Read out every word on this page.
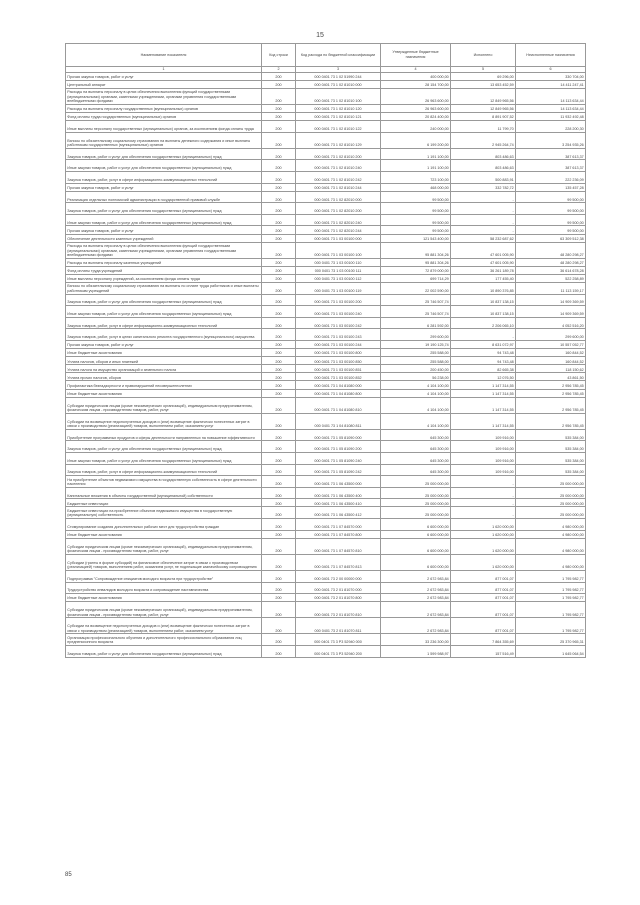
15
Наименование показателя	Код строки	Код расхода по бюджетной классификации	Утвержденные бюджетные назначения	Исполнено	Неисполненные назначения
1	2	3	4	5	6
Прочая закупка товаров, работ и услуг	200	000 0401 73 1 02 51990 244	400 000,00	69 296,00	330 704,00
Центральный аппарат	200	000 0401 73 1 02 81010 000	28 154 700,00	13 653 452,59	14 411 247,41
Расходы на выплаты персоналу в целях обеспечения выполнения функций государственными (муниципальными) органами, казенными учреждениями, органами управления государственными внебюджетными фондами	200	000 0401 73 1 02 81010 100	26 963 600,00	12 849 965,56	14 113 634,44
Расходы на выплаты персоналу государственных (муниципальных) органов	200	000 0401 73 1 02 81010 120	26 963 600,00	12 849 965,56	14 113 634,44
Фонд оплаты труда государственных (муниципальных) органов	200	000 0401 73 1 02 81010 121	20 824 400,00	8 891 907,52	11 932 492,48
Иные выплаты персоналу государственных (муниципальных) органов, за исключением фонда оплаты труда	200	000 0401 73 1 02 81010 122	240 000,00	11 799,70	228 200,30
Взносы по обязательному социальному страхованию на выплаты денежного содержания и иные выплаты работникам государственных (муниципальных) органов	200	000 0401 73 1 02 81010 129	6 199 200,00	2 945 264,74	3 254 935,26
Закупка товаров, работ и услуг для обеспечения государственных (муниципальных) нужд	200	000 0401 73 1 02 81010 200	1 191 100,00	803 486,63	387 613,37
Иные закупки товаров, работ и услуг для обеспечения государственных (муниципальных) нужд	200	000 0401 73 1 02 81010 240	1 191 100,00	803 486,63	387 613,37
Закупка товаров, работ, услуг в сфере информационно-коммуникационных технологий	200	000 0401 73 1 02 81010 242	723 100,00	500 883,91	222 236,09
Прочая закупка товаров, работ и услуг	200	000 0401 73 1 02 81010 244	468 000,00	332 782,72	135 457,28
Реализация отдельных полномочий администрации в государственной правовой службе	200	000 0401 73 1 02 82010 000	99 500,00	-	99 500,00
Закупка товаров, работ и услуг для обеспечения государственных (муниципальных) нужд	200	000 0401 73 1 02 82010 200	99 500,00	-	99 500,00
Иные закупки товаров, работ и услуг для обеспечения государственных (муниципальных) нужд	200	000 0401 73 1 02 82010 240	99 500,00	-	99 500,00
Прочая закупка товаров, работ и услуг	200	000 0401 73 1 02 82010 244	99 500,00	-	99 500,00
Обеспечение деятельности казенных учреждений	200	000 0401 73 1 03 00100 000	121 543 400,00	58 232 687,62	63 309 512,38
Расходы на выплаты персоналу в целях обеспечения выполнения функций государственными (муниципальными) органами, казенными учреждениями, органами управления государственными внебюджетными фондами	200	000 0401 73 1 03 00100 100	95 881 304,26	47 601 005,90	48 280 298,27
Расходы на выплаты персоналу казенных учреждений	200	000 0401 73 1 03 00100 110	95 881 304,26	47 601 005,90	48 280 298,27
Фонд оплаты труда учреждений	200	000 0401 73 1 03 00100 111	72 879 000,00	36 261 189,78	36 614 678,28
Иные выплаты персоналу учреждений, за исключением фонда оплаты труда	200	000 0401 73 1 03 00100 112	699 714,29	177 455,40	522 258,89
Взносы по обязательному социальному страхованию на выплаты по оплате труда работников и иные выплаты работникам учреждений	200	000 0401 73 1 03 00100 119	22 002 590,00	10 890 376,85	11 113 159,17
Закупка товаров, работ и услуг для обеспечения государственных (муниципальных) нужд	200	000 0401 73 1 03 00100 200	25 746 507,74	10 837 138,15	14 909 369,59
Иные закупки товаров, работ и услуг для обеспечения государственных (муниципальных) нужд	200	000 0401 73 1 03 00100 240	25 746 507,74	10 837 138,15	14 909 369,59
Закупка товаров, работ, услуг в сфере информационно-коммуникационных технологий	200	000 0401 73 1 03 00100 242	6 281 592,00	2 206 065,10	4 052 516,20
Закупка товаров, работ, услуг в целях капитального ремонта государственного (муниципального) имущества	200	000 0401 73 1 03 00100 243	299 600,00	-	299 600,00
Прочая закупка товаров, работ и услуг	200	000 0401 73 1 03 00100 244	19 190 125,74	8 631 072,97	10 557 052,77
Иные бюджетные ассигнования	200	000 0401 73 1 03 00100 800	255 588,00	94 743,48	160 844,52
Уплата налогов, сборов и иных платежей	200	000 0401 73 1 03 00100 850	255 588,00	94 743,48	160 844,52
Уплата налога на имущество организаций и земельного налога	200	000 0401 73 1 03 00100 851	200 450,00	82 665,38	118 150,62
Уплата прочих налогов, сборов	200	000 0401 73 1 03 00100 852	56 238,00	12 076,50	43 861,50
Профилактика безнадзорности и правонарушений несовершеннолетних	200	000 0401 73 1 04 81080 000	4 104 100,00	1 147 314,55	2 956 785,45
Иные бюджетные ассигнования	200	000 0401 73 1 04 81080 800	4 104 100,00	1 147 314,55	2 956 785,45
Субсидии юридическим лицам (кроме некоммерческих организаций), индивидуальным предпринимателям, физическим лицам - производителям товаров, работ, услуг	200	000 0401 73 1 04 81080 810	4 104 100,00	1 147 314,55	2 956 785,45
Субсидии на возмещение недополученных доходов и (или) возмещение фактически понесенных затрат в связи с производством (реализацией) товаров, выполнением работ, оказанием услуг	200	000 0401 73 1 04 81080 811	4 104 100,00	1 147 314,55	2 956 785,45
Приобретение программных продуктов и сферы деятельности направленных на повышение эффективности	200	000 0401 73 1 05 81090 000	645 300,00	109 916,00	535 384,00
Закупка товаров, работ и услуг для обеспечения государственных (муниципальных) нужд	200	000 0401 73 1 05 81090 200	645 300,00	109 916,00	535 384,00
Иные закупки товаров, работ и услуг для обеспечения государственных (муниципальных) нужд	200	000 0401 73 1 05 81090 240	645 300,00	109 916,00	535 384,00
Закупка товаров, работ, услуг в сфере информационно-коммуникационных технологий	200	000 0401 73 1 05 81090 242	645 300,00	109 916,00	535 384,00
На приобретение объектов недвижимого имущества в государственную собственность в сфере деятельности населения	200	000 0401 73 1 06 43500 000	25 000 000,00	-	25 000 000,00
Капитальные вложения в объекты государственной (муниципальной) собственности	200	000 0401 73 1 06 43500 400	25 000 000,00	-	25 000 000,00
Бюджетные инвестиции	200	000 0401 73 1 06 43500 410	25 000 000,00	-	25 000 000,00
Бюджетные инвестиции на приобретение объектов недвижимого имущества в государственную (муниципальную) собственность	200	000 0401 73 1 06 43500 412	25 000 000,00	-	25 000 000,00
Стимулирование создания дополнительных рабочих мест для трудоустройства граждан	200	000 0401 73 1 07 84570 000	6 600 000,00	1 620 000,00	4 980 000,00
Иные бюджетные ассигнования	200	000 0401 73 1 07 84570 800	6 600 000,00	1 620 000,00	4 980 000,00
Субсидии юридическим лицам (кроме некоммерческих организаций), индивидуальным предпринимателям, физическим лицам - производителям товаров, работ, услуг	200	000 0401 73 1 07 84570 810	6 600 000,00	1 620 000,00	4 980 000,00
Субсидии (гранты в форме субсидий) на финансовое обеспечение затрат в связи с производством (реализацией) товаров, выполнением работ, оказанием услуг, не подлежащие казначейскому сопровождению	200	000 0401 73 1 07 84570 813	6 600 000,00	1 620 000,00	4 980 000,00
Подпрограмма "Сопровождение инициатив молодого возраста при трудоустройстве"	200	000 0401 73 2 00 00000 000	2 672 983,84	877 001,07	1 795 982,77
Трудоустройство инвалидов молодого возраста и сопровождение наставничества	200	000 0401 73 2 01 81070 000	2 672 983,84	877 001,07	1 795 982,77
Иные бюджетные ассигнования	200	000 0401 73 2 01 81070 800	2 672 983,84	877 001,07	1 795 982,77
Субсидии юридическим лицам (кроме некоммерческих организаций), индивидуальным предпринимателям, физическим лицам - производителям товаров, работ, услуг	200	000 0401 73 2 01 81070 810	2 672 983,84	877 001,07	1 795 982,77
Субсидии на возмещение недополученных доходов и (или) возмещение фактически понесенных затрат в связи с производством (реализацией) товаров, выполнением работ, оказанием услуг	200	000 0401 73 2 01 81070 811	2 672 983,84	877 001,07	1 795 982,77
Организация профессионального обучения и дополнительного профессионального образования лиц предпенсионного возраста	200	000 0401 73 3 P3 52940 000	33 236 300,00	7 864 355,69	25 370 965,31
Закупка товаров, работ и услуг для обеспечения государственных (муниципальных) нужд	200	000 0401 73 3 P3 52940 200	1 599 988,97	157 516,49	1 645 064,54
85
